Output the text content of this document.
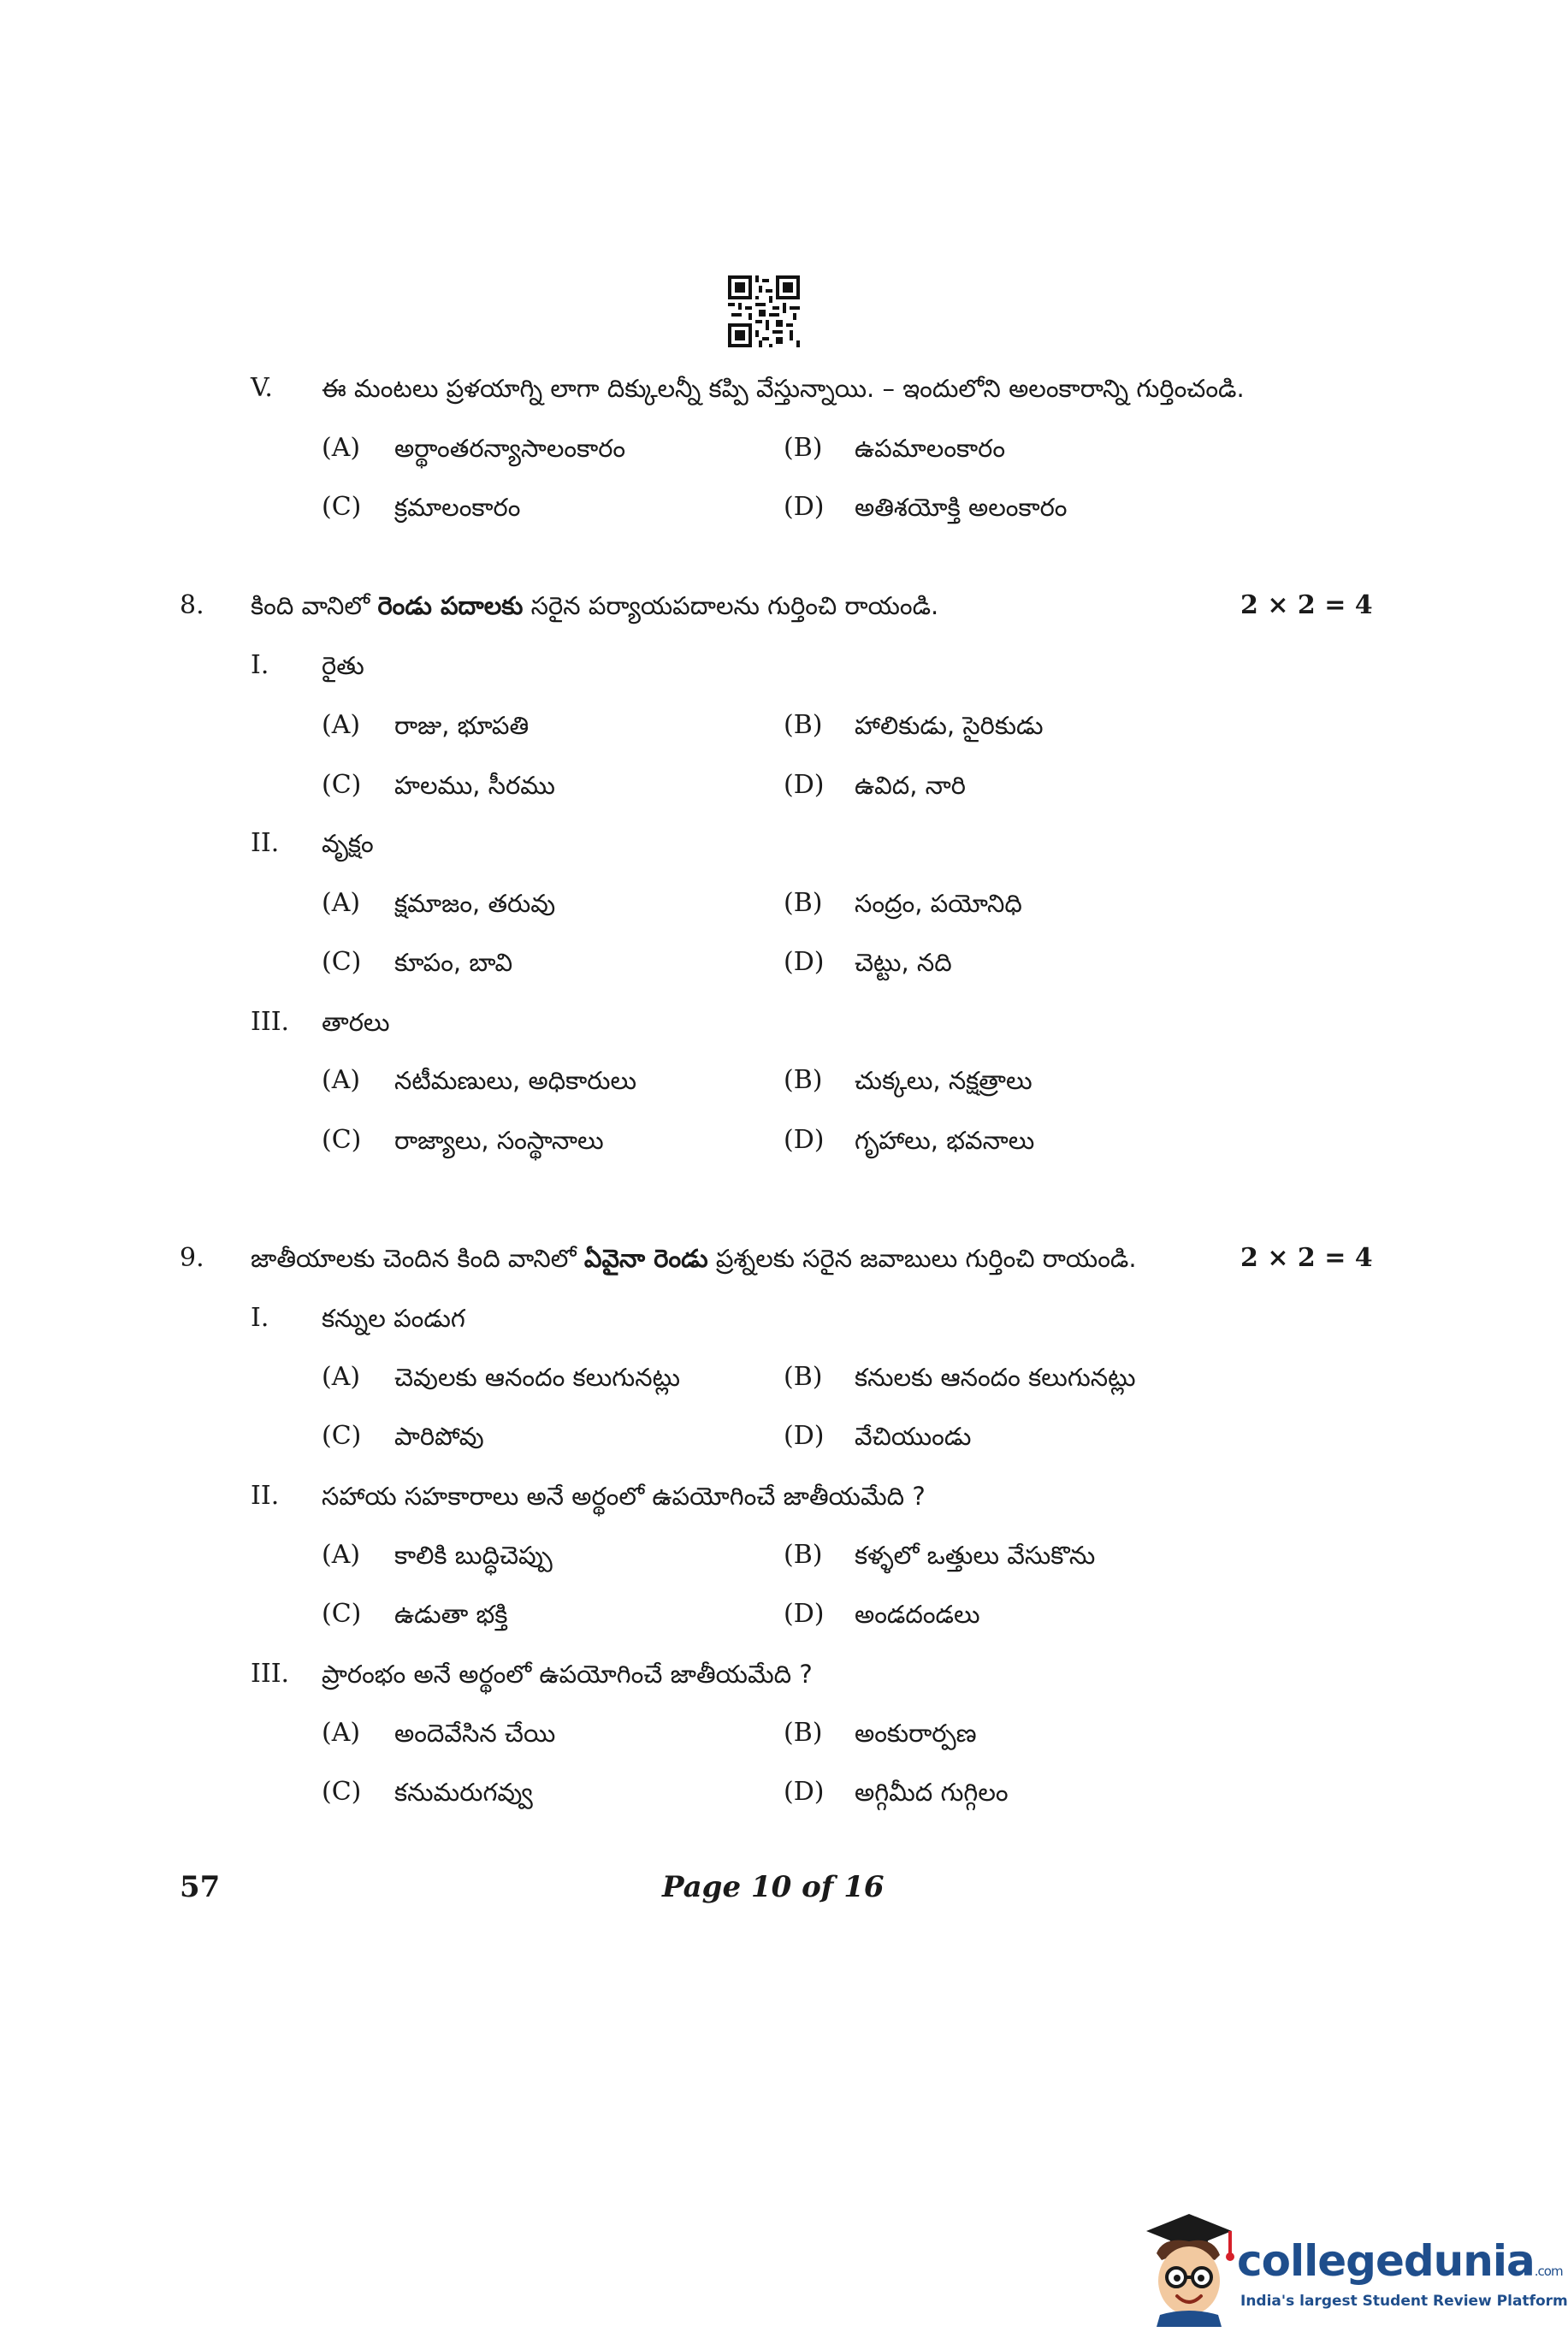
V. ఈ మంటలు ప్రళయాగ్ని లాగా దిక్కులన్నీ కప్పి వేస్తున్నాయి. – ఇందులోని అలంకారాన్ని గుర్తించండి.
(A) అర్థాంతరన్యాసాలంకారం	(B) ఉపమాలంకారం
(C) క్రమాలంకారం	(D) అతిశయోక్తి అలంకారం
8. కింది వానిలో రెండు పదాలకు సరైన పర్యాయపదాలను గుర్తించి రాయండి.	2 × 2 = 4
I. రైతు
(A) రాజు, భూపతి	(B) హాలికుడు, సైరికుడు
(C) హలము, సీరము	(D) ఉవిద, నారి
II. వృక్షం
(A) క్షమాజం, తరువు	(B) సంద్రం, పయోనిధి
(C) కూపం, బావి	(D) చెట్టు, నది
III. తారలు
(A) నటీమణులు, అధికారులు	(B) చుక్కలు, నక్షత్రాలు
(C) రాజ్యాలు, సంస్థానాలు	(D) గృహాలు, భవనాలు
9. జాతీయాలకు చెందిన కింది వానిలో ఏవైనా రెండు ప్రశ్నలకు సరైన జవాబులు గుర్తించి రాయండి.	2 × 2 = 4
I. కన్నుల పండుగ
(A) చెవులకు ఆనందం కలుగునట్లు	(B) కనులకు ఆనందం కలుగునట్లు
(C) పారిపోవు	(D) వేచియుండు
II. సహాయ సహకారాలు అనే అర్థంలో ఉపయోగించే జాతీయమేది ?
(A) కాలికి బుద్ధిచెప్పు	(B) కళ్ళలో ఒత్తులు వేసుకొను
(C) ఉడుతా భక్తి	(D) అండదండలు
III. ప్రారంభం అనే అర్థంలో ఉపయోగించే జాతీయమేది ?
(A) అందెవేసిన చేయి	(B) అంకురార్పణ
(C) కనుమరుగవ్వు	(D) అగ్గిమీద గుగ్గిలం
57	Page 10 of 16
collegedunia.com
India's largest Student Review Platform
